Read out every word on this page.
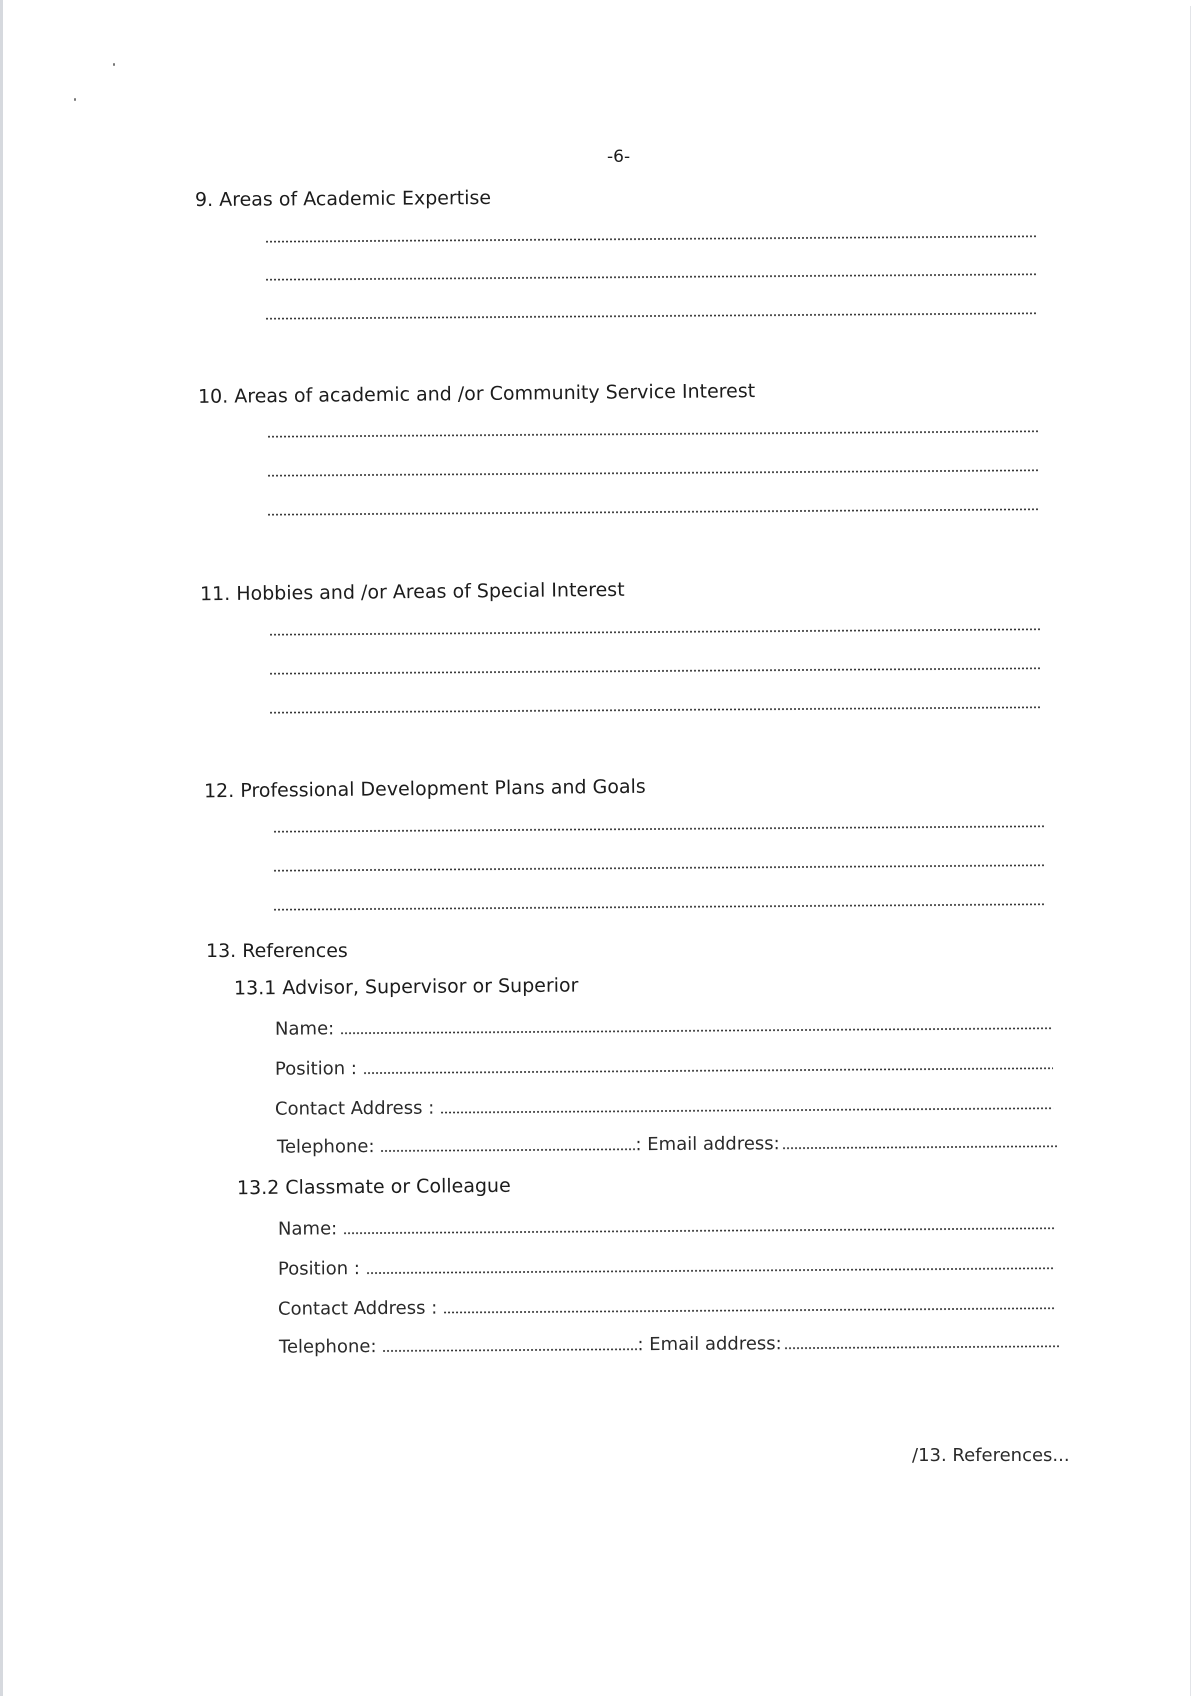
-6-
9. Areas of Academic Expertise
10. Areas of academic and /or Community Service Interest
11. Hobbies and /or Areas of Special Interest
12. Professional Development Plans and Goals
13. References
13.1 Advisor, Supervisor or Superior
Name:
Position :
Contact Address :
Telephone:	: Email address:
13.2 Classmate or Colleague
Name:
Position :
Contact Address :
Telephone:	: Email address:
/13. References...
